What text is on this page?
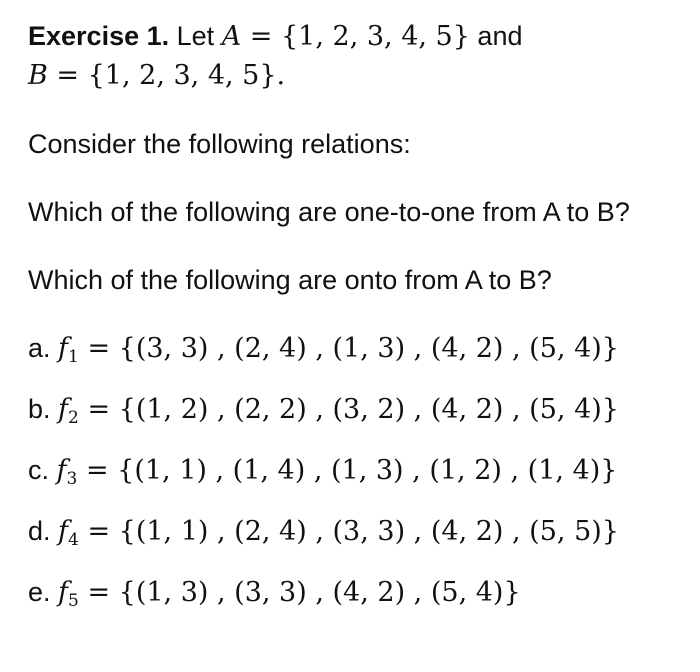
Exercise 1. Let A = {1, 2, 3, 4, 5} and
B = {1, 2, 3, 4, 5}.
Consider the following relations:
Which of the following are one-to-one from A to B?
Which of the following are onto from A to B?
a. $f_1 = \{(3$, 3) , (2, 4) , (1, 3) , (4, 2) , (5, 4)}
b. $f_2 = \{(1$, 2) , (2, 2) , (3, 2) , (4, 2) , (5, 4)}
c. $f_3 = \{(1$, 1) , (1, 4) , (1, 3) , (1, 2) , (1, 4)}
d. $f_4 = \{(1$, 1) , (2, 4) , (3, 3) , (4, 2) , (5, 5)}
e. $f_5 = \{(1$, 3) , (3, 3) , (4, 2) , (5, 4)}
